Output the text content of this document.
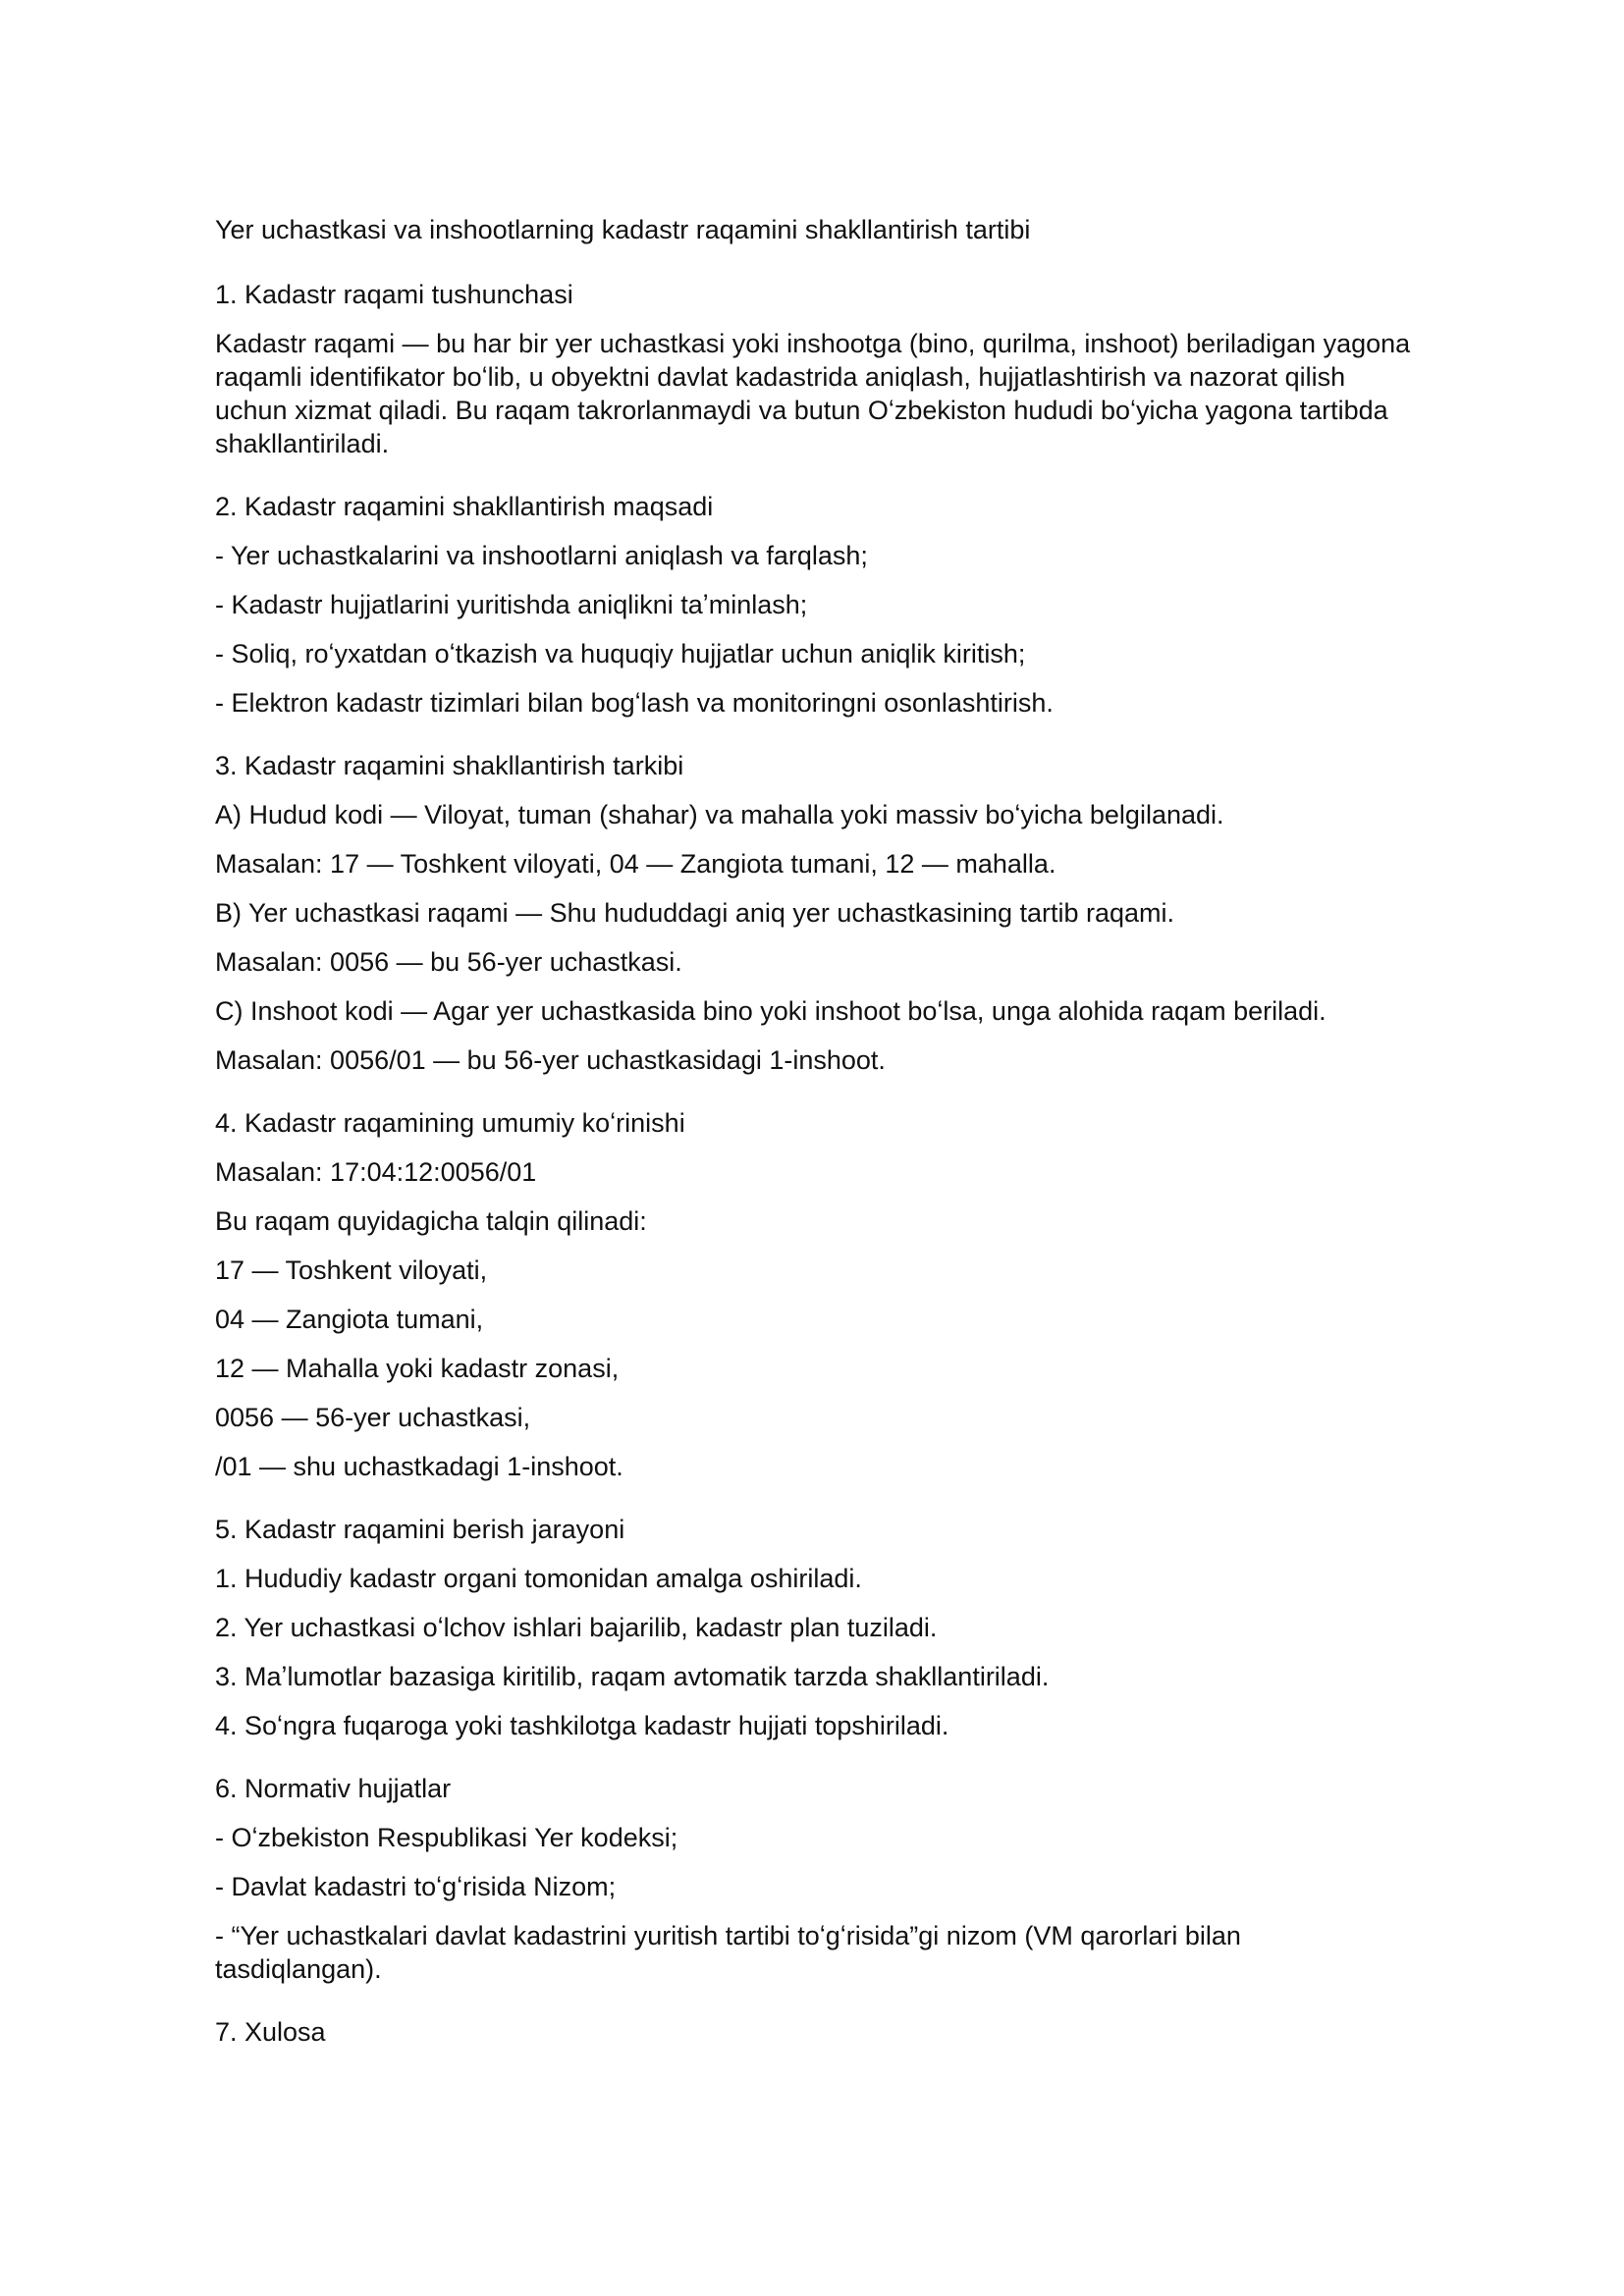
Yer uchastkasi va inshootlarning kadastr raqamini shakllantirish tartibi
1. Kadastr raqami tushunchasi
Kadastr raqami — bu har bir yer uchastkasi yoki inshootga (bino, qurilma, inshoot) beriladigan yagona raqamli identifikator boʻlib, u obyektni davlat kadastrida aniqlash, hujjatlashtirish va nazorat qilish uchun xizmat qiladi. Bu raqam takrorlanmaydi va butun Oʻzbekiston hududi boʻyicha yagona tartibda shakllantiriladi.
2. Kadastr raqamini shakllantirish maqsadi
- Yer uchastkalarini va inshootlarni aniqlash va farqlash;
- Kadastr hujjatlarini yuritishda aniqlikni taʼminlash;
- Soliq, roʻyxatdan oʻtkazish va huquqiy hujjatlar uchun aniqlik kiritish;
- Elektron kadastr tizimlari bilan bogʻlash va monitoringni osonlashtirish.
3. Kadastr raqamini shakllantirish tarkibi
A) Hudud kodi — Viloyat, tuman (shahar) va mahalla yoki massiv boʻyicha belgilanadi.
Masalan: 17 — Toshkent viloyati, 04 — Zangiota tumani, 12 — mahalla.
B) Yer uchastkasi raqami — Shu hududdagi aniq yer uchastkasining tartib raqami.
Masalan: 0056 — bu 56-yer uchastkasi.
C) Inshoot kodi — Agar yer uchastkasida bino yoki inshoot boʻlsa, unga alohida raqam beriladi.
Masalan: 0056/01 — bu 56-yer uchastkasidagi 1-inshoot.
4. Kadastr raqamining umumiy koʻrinishi
Masalan: 17:04:12:0056/01
Bu raqam quyidagicha talqin qilinadi:
17 — Toshkent viloyati,
04 — Zangiota tumani,
12 — Mahalla yoki kadastr zonasi,
0056 — 56-yer uchastkasi,
/01 — shu uchastkadagi 1-inshoot.
5. Kadastr raqamini berish jarayoni
1. Hududiy kadastr organi tomonidan amalga oshiriladi.
2. Yer uchastkasi oʻlchov ishlari bajarilib, kadastr plan tuziladi.
3. Maʼlumotlar bazasiga kiritilib, raqam avtomatik tarzda shakllantiriladi.
4. Soʻngra fuqaroga yoki tashkilotga kadastr hujjati topshiriladi.
6. Normativ hujjatlar
- Oʻzbekiston Respublikasi Yer kodeksi;
- Davlat kadastri toʻgʻrisida Nizom;
- “Yer uchastkalari davlat kadastrini yuritish tartibi toʻgʻrisida”gi nizom (VM qarorlari bilan tasdiqlangan).
7. Xulosa
